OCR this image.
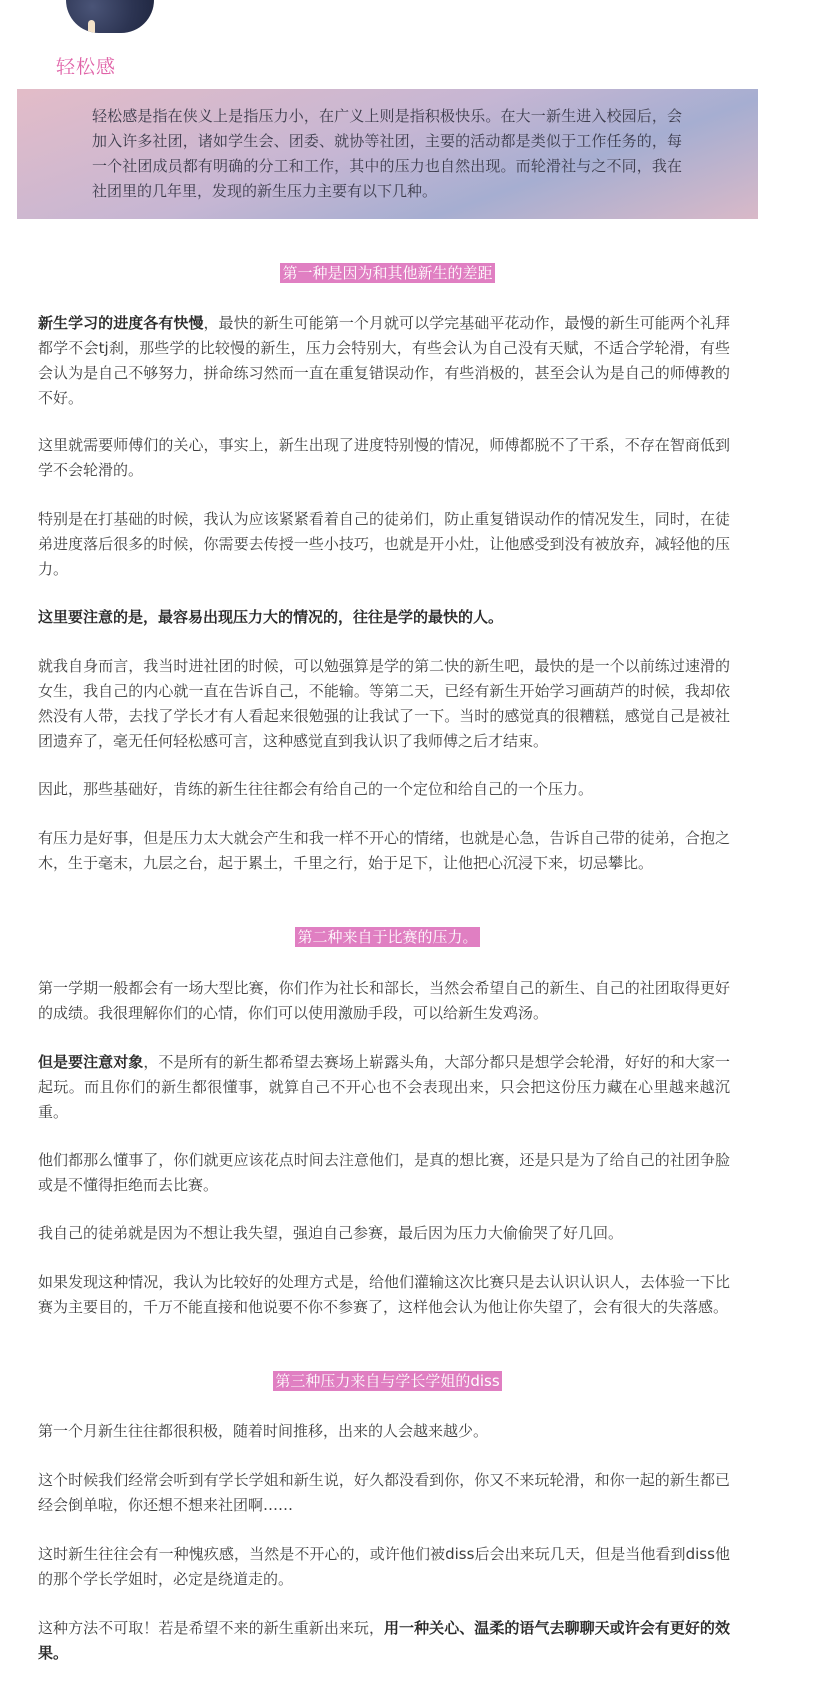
轻松感
轻松感是指在侠义上是指压力小，在广义上则是指积极快乐。在大一新生进入校园后，会加入许多社团，诸如学生会、团委、就协等社团，主要的活动都是类似于工作任务的，每一个社团成员都有明确的分工和工作，其中的压力也自然出现。而轮滑社与之不同，我在社团里的几年里，发现的新生压力主要有以下几种。
第一种是因为和其他新生的差距

新生学习的进度各有快慢，最快的新生可能第一个月就可以学完基础平花动作，最慢的新生可能两个礼拜都学不会tj刹，那些学的比较慢的新生，压力会特别大，有些会认为自己没有天赋，不适合学轮滑，有些会认为是自己不够努力，拼命练习然而一直在重复错误动作，有些消极的，甚至会认为是自己的师傅教的不好。

这里就需要师傅们的关心，事实上，新生出现了进度特别慢的情况，师傅都脱不了干系，不存在智商低到学不会轮滑的。

特别是在打基础的时候，我认为应该紧紧看着自己的徒弟们，防止重复错误动作的情况发生，同时，在徒弟进度落后很多的时候，你需要去传授一些小技巧，也就是开小灶，让他感受到没有被放弃，减轻他的压力。

这里要注意的是，最容易出现压力大的情况的，往往是学的最快的人。

就我自身而言，我当时进社团的时候，可以勉强算是学的第二快的新生吧，最快的是一个以前练过速滑的女生，我自己的内心就一直在告诉自己，不能输。等第二天，已经有新生开始学习画葫芦的时候，我却依然没有人带，去找了学长才有人看起来很勉强的让我试了一下。当时的感觉真的很糟糕，感觉自己是被社团遗弃了，毫无任何轻松感可言，这种感觉直到我认识了我师傅之后才结束。

因此，那些基础好，肯练的新生往往都会有给自己的一个定位和给自己的一个压力。

有压力是好事，但是压力太大就会产生和我一样不开心的情绪，也就是心急，告诉自己带的徒弟，合抱之木，生于毫末，九层之台，起于累土，千里之行，始于足下，让他把心沉浸下来，切忌攀比。

第二种来自于比赛的压力。

第一学期一般都会有一场大型比赛，你们作为社长和部长，当然会希望自己的新生、自己的社团取得更好的成绩。我很理解你们的心情，你们可以使用激励手段，可以给新生发鸡汤。

但是要注意对象，不是所有的新生都希望去赛场上崭露头角，大部分都只是想学会轮滑，好好的和大家一起玩。而且你们的新生都很懂事，就算自己不开心也不会表现出来，只会把这份压力藏在心里越来越沉重。

他们都那么懂事了，你们就更应该花点时间去注意他们，是真的想比赛，还是只是为了给自己的社团争脸或是不懂得拒绝而去比赛。

我自己的徒弟就是因为不想让我失望，强迫自己参赛，最后因为压力大偷偷哭了好几回。

如果发现这种情况，我认为比较好的处理方式是，给他们灌输这次比赛只是去认识认识人，去体验一下比赛为主要目的，千万不能直接和他说要不你不参赛了，这样他会认为他让你失望了，会有很大的失落感。

第三种压力来自与学长学姐的diss

第一个月新生往往都很积极，随着时间推移，出来的人会越来越少。

这个时候我们经常会听到有学长学姐和新生说，好久都没看到你，你又不来玩轮滑，和你一起的新生都已经会倒单啦，你还想不想来社团啊……

这时新生往往会有一种愧疚感，当然是不开心的，或许他们被diss后会出来玩几天，但是当他看到diss他的那个学长学姐时，必定是绕道走的。

这种方法不可取！若是希望不来的新生重新出来玩，用一种关心、温柔的语气去聊聊天或许会有更好的效果。
